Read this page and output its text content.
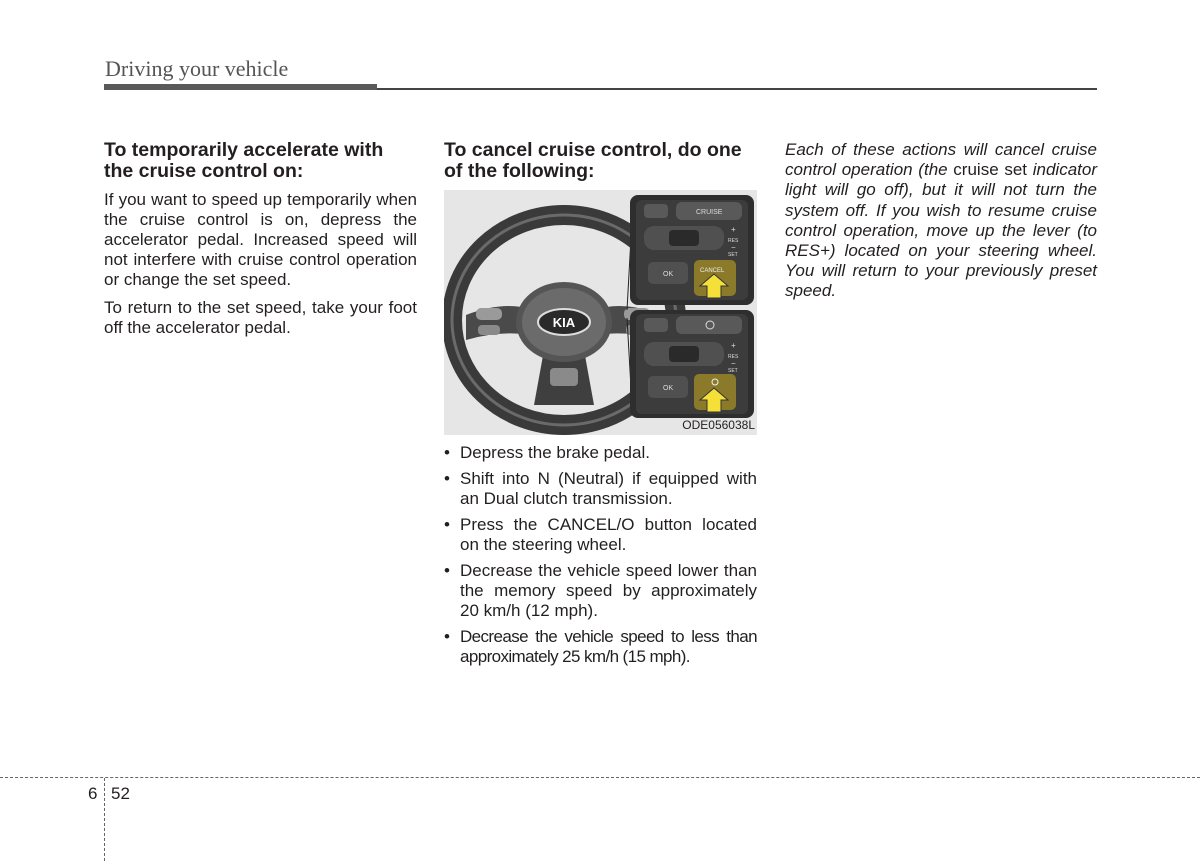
Driving your vehicle
To temporarily accelerate with the cruise control on:

If you want to speed up temporarily when the cruise control is on, depress the accelerator pedal. Increased speed will not interfere with cruise control operation or change the set speed.

To return to the set speed, take your foot off the accelerator pedal.

To cancel cruise control, do one of the following:
KIA
CRUISE
+
RES
−
SET
OK	CANCEL
+
RES
−
SET
OK
ODE056038L
• Depress the brake pedal.
• Shift into N (Neutral) if equipped with an Dual clutch transmission.
• Press the CANCEL/O button located on the steering wheel.
• Decrease the vehicle speed lower than the memory speed by approximately 20 km/h (12 mph).
• Decrease the vehicle speed to less than approximately 25 km/h (15 mph).

Each of these actions will cancel cruise control operation (the cruise set indicator light will go off), but it will not turn the system off. If you wish to resume cruise control operation, move up the lever (to RES+) located on your steering wheel. You will return to your previously preset speed.

6 52
